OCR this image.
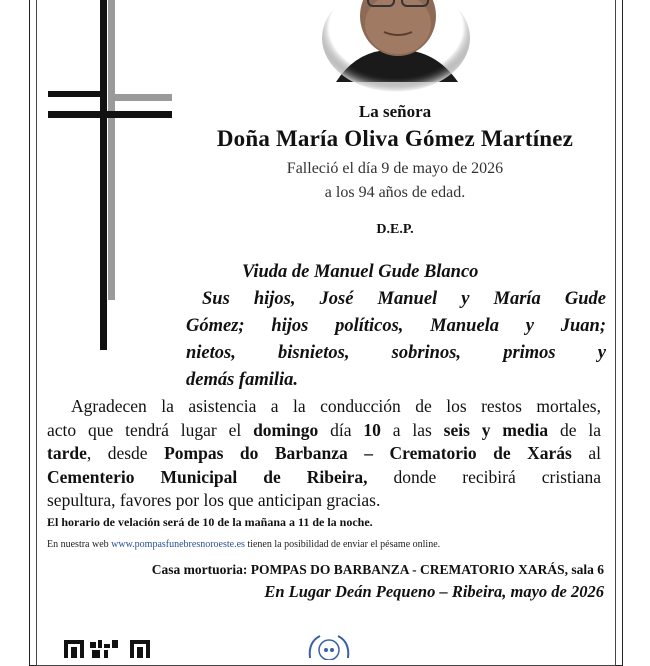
La señora
Doña María Oliva Gómez Martínez
Falleció el día 9 de mayo de 2026
a los 94 años de edad.
D.E.P.
Viuda de Manuel Gude Blanco
Sus hijos, José Manuel y María Gude
Gómez; hijos políticos, Manuela y Juan;
nietos, bisnietos, sobrinos, primos y
demás familia.
Agradecen la asistencia a la conducción de los restos mortales,
acto que tendrá lugar el domingo día 10 a las seis y media de la
tarde, desde Pompas do Barbanza – Crematorio de Xarás al
Cementerio Municipal de Ribeira, donde recibirá cristiana
sepultura, favores por los que anticipan gracias.
El horario de velación será de 10 de la mañana a 11 de la noche.
En nuestra web www.pompasfunebresnoroeste.es tienen la posibilidad de enviar el pésame online.
Casa mortuoria: POMPAS DO BARBANZA - CREMATORIO XARÁS, sala 6
En Lugar Deán Pequeno – Ribeira, mayo de 2026
